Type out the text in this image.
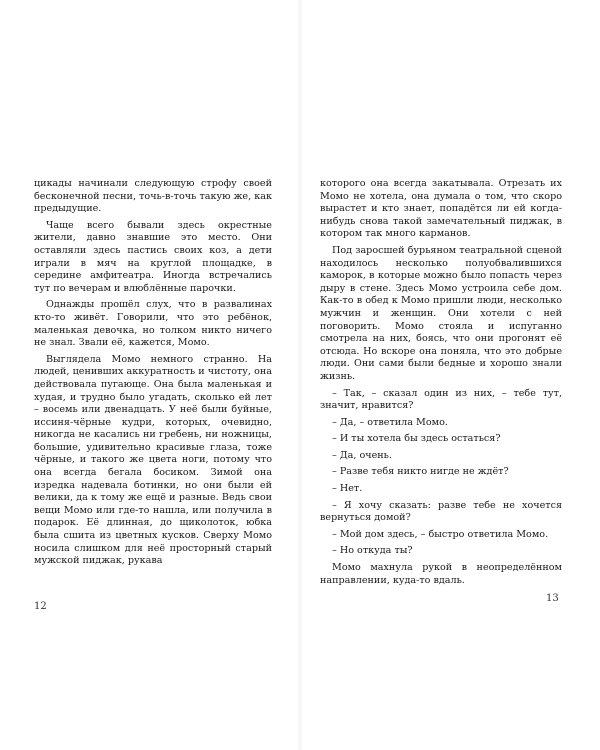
цикады начинали следующую строфу своей бесконечной песни, точь-в-точь такую же, как предыдущие.

Чаще всего бывали здесь окрестные жители, давно знавшие это место. Они оставляли здесь пастись своих коз, а дети играли в мяч на круглой площадке, в середине амфитеатра. Иногда встречались тут по вечерам и влюблённые парочки.

Однажды прошёл слух, что в развалинах кто-то живёт. Говорили, что это ребёнок, маленькая девочка, но толком никто ничего не знал. Звали её, кажется, Момо.

Выглядела Момо немного странно. На людей, ценивших аккуратность и чистоту, она действовала пугающе. Она была маленькая и худая, и трудно было угадать, сколько ей лет – восемь или двенадцать. У неё были буйные, иссиня-чёрные кудри, которых, очевидно, никогда не касались ни гребень, ни ножницы, большие, удивительно красивые глаза, тоже чёрные, и такого же цвета ноги, потому что она всегда бегала босиком. Зимой она изредка надевала ботинки, но они были ей велики, да к тому же ещё и разные. Ведь свои вещи Момо или где-то нашла, или получила в подарок. Её длинная, до щиколоток, юбка была сшита из цветных кусков. Сверху Момо носила слишком для неё просторный старый мужской пиджак, рукава

12

которого она всегда закатывала. Отрезать их Момо не хотела, она думала о том, что скоро вырастет и кто знает, попадётся ли ей когда-нибудь снова такой замечательный пиджак, в котором так много карманов.

Под заросшей бурьяном театральной сценой находилось несколько полуобвалившихся каморок, в которые можно было попасть через дыру в стене. Здесь Момо устроила себе дом. Как-то в обед к Момо пришли люди, несколько мужчин и женщин. Они хотели с ней поговорить. Момо стояла и испуганно смотрела на них, боясь, что они прогонят её отсюда. Но вскоре она поняла, что это добрые люди. Они сами были бедные и хорошо знали жизнь.

– Так, – сказал один из них, – тебе тут, значит, нравится?

– Да, – ответила Момо.

– И ты хотела бы здесь остаться?

– Да, очень.

– Разве тебя никто нигде не ждёт?

– Нет.

– Я хочу сказать: разве тебе не хочется вернуться домой?

– Мой дом здесь, – быстро ответила Момо.

– Но откуда ты?

Момо махнула рукой в неопределённом направлении, куда-то вдаль.

13
